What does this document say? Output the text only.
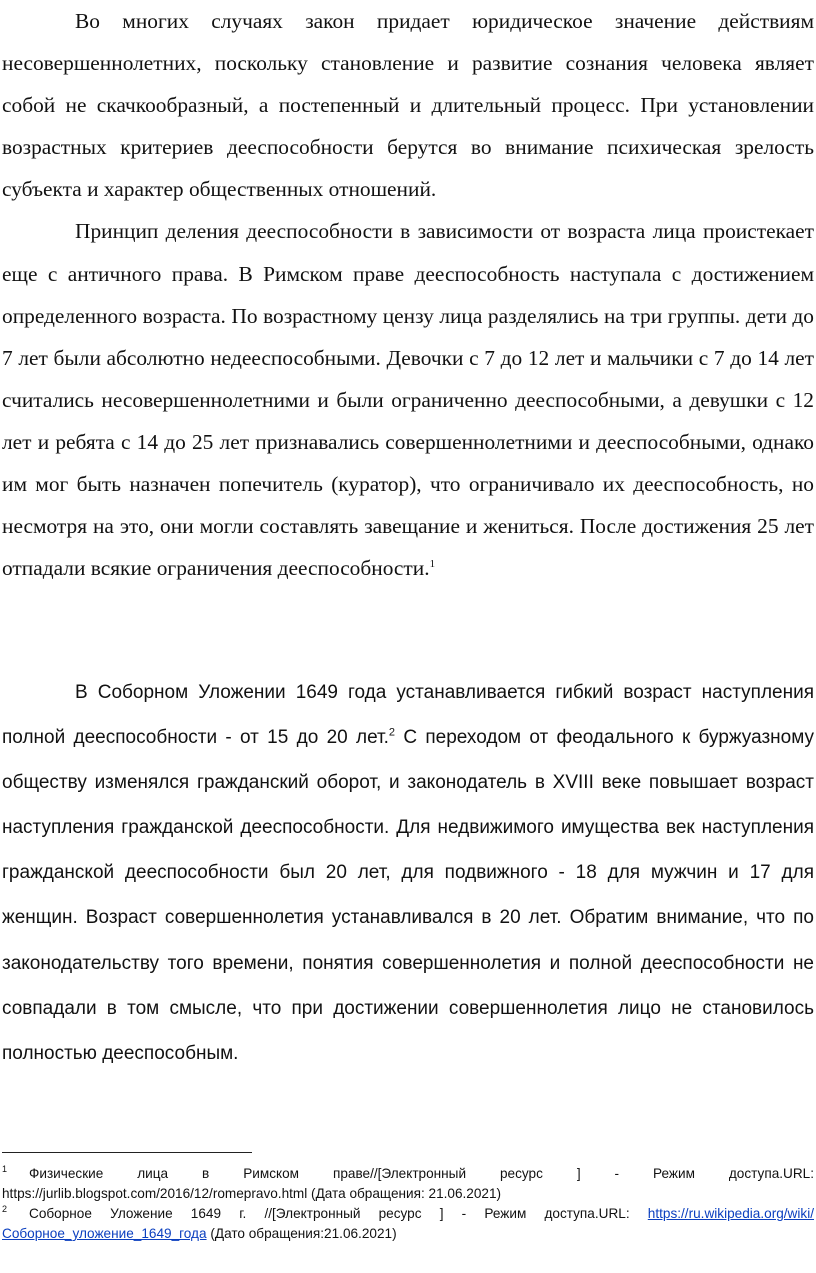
Во многих случаях закон придает юридическое значение действиям несовершеннолетних, поскольку становление и развитие сознания человека являет собой не скачкообразный, а постепенный и длительный процесс. При установлении возрастных критериев дееспособности берутся во внимание психическая зрелость субъекта и характер общественных отношений.

Принцип деления дееспособности в зависимости от возраста лица проистекает еще с античного права. В Римском праве дееспособность наступала с достижением определенного возраста. По возрастному цензу лица разделялись на три группы. дети до 7 лет были абсолютно недееспособными. Девочки с 7 до 12 лет и мальчики с 7 до 14 лет считались несовершеннолетними и были ограниченно дееспособными, а девушки с 12 лет и ребята с 14 до 25 лет признавались совершеннолетними и дееспособными, однако им мог быть назначен попечитель (куратор), что ограничивало их дееспособность, но несмотря на это, они могли составлять завещание и жениться. После достижения 25 лет отпадали всякие ограничения дееспособности.$^1$

В Соборном Уложении 1649 года устанавливается гибкий возраст наступления полной дееспособности - от 15 до 20 лет.$^2$ С переходом от феодального к буржуазному обществу изменялся гражданский оборот, и законодатель в XVIII веке повышает возраст наступления гражданской дееспособности. Для недвижимого имущества век наступления гражданской дееспособности был 20 лет, для подвижного - 18 для мужчин и 17 для женщин. Возраст совершеннолетия устанавливался в 20 лет. Обратим внимание, что по законодательству того времени, понятия совершеннолетия и полной дееспособности не совпадали в том смысле, что при достижении совершеннолетия лицо не становилось полностью дееспособным.

$^1$ Физические лица в Римском праве//[Электронный ресурс ] - Режим доступа.URL: https://jurlib.blogspot.com/2016/12/romepravo.html (Дата обращения: 21.06.2021)

$^2$ Соборное Уложение 1649 г. //[Электронный ресурс ] - Режим доступа.URL: https://ru.wikipedia.org/wiki/Соборное_уложение_1649_года (Дато обращения:21.06.2021)
